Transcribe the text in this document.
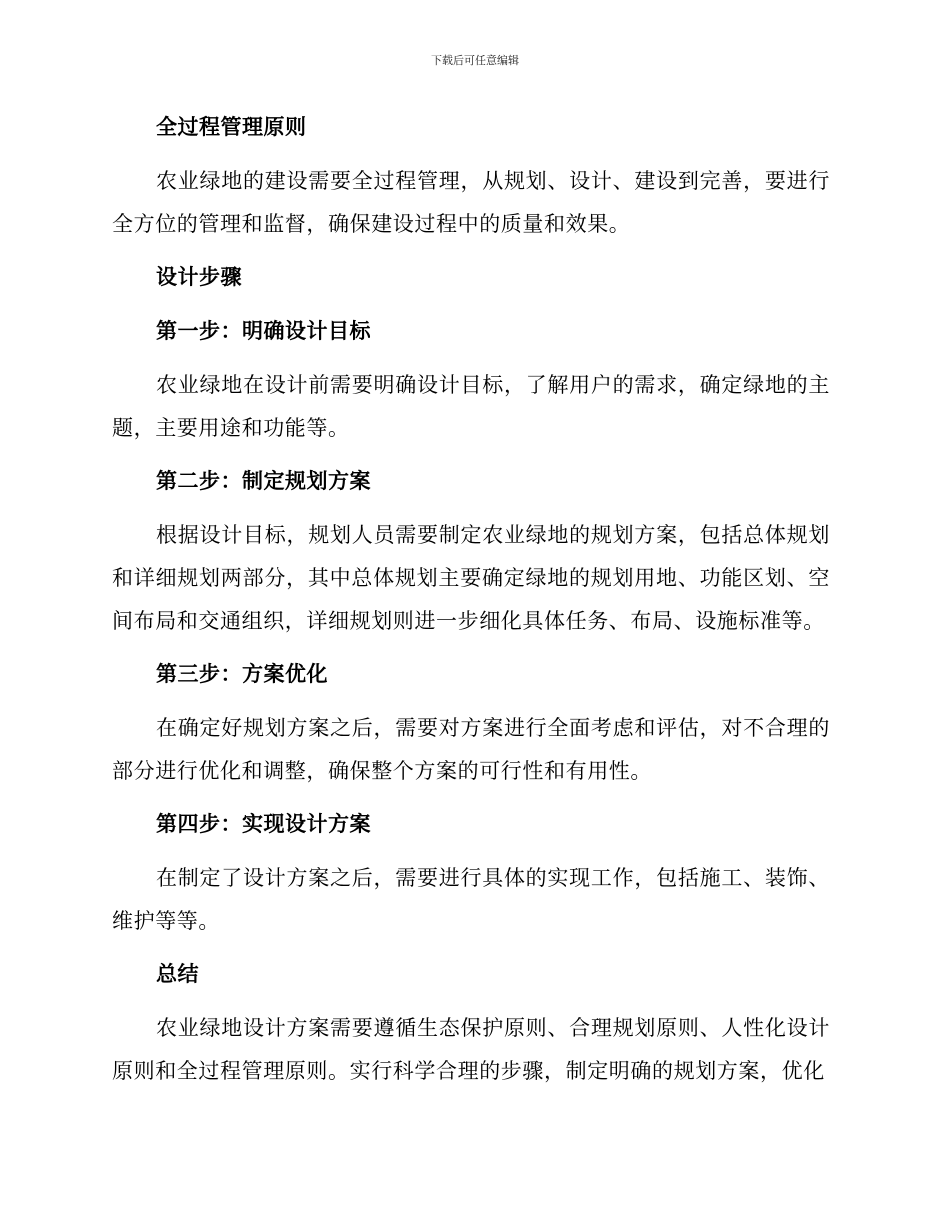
下载后可任意编辑
全过程管理原则

农业绿地的建设需要全过程管理，从规划、设计、建设到完善，要进行全方位的管理和监督，确保建设过程中的质量和效果。

设计步骤
第一步：明确设计目标

农业绿地在设计前需要明确设计目标，了解用户的需求，确定绿地的主题，主要用途和功能等。

第二步：制定规划方案

根据设计目标，规划人员需要制定农业绿地的规划方案，包括总体规划和详细规划两部分，其中总体规划主要确定绿地的规划用地、功能区划、空间布局和交通组织，详细规划则进一步细化具体任务、布局、设施标准等。

第三步：方案优化

在确定好规划方案之后，需要对方案进行全面考虑和评估，对不合理的部分进行优化和调整，确保整个方案的可行性和有用性。

第四步：实现设计方案

在制定了设计方案之后，需要进行具体的实现工作，包括施工、装饰、维护等等。

总结

农业绿地设计方案需要遵循生态保护原则、合理规划原则、人性化设计原则和全过程管理原则。实行科学合理的步骤，制定明确的规划方案，优化
